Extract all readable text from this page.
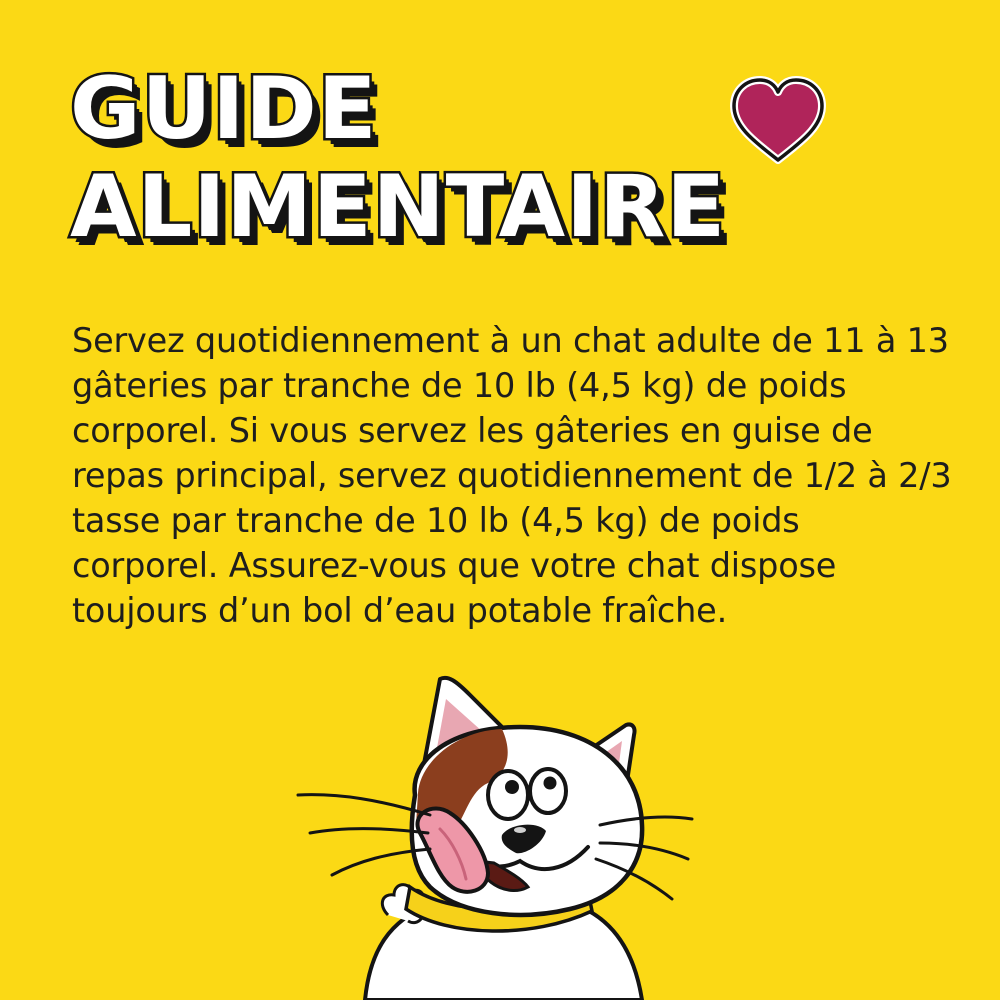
GUIDE
ALIMENTAIRE

Servez quotidiennement à un chat adulte de 11 à 13 gâteries par tranche de 10 lb (4,5 kg) de poids corporel. Si vous servez les gâteries en guise de repas principal, servez quotidiennement de 1/2 à 2/3 tasse par tranche de 10 lb (4,5 kg) de poids corporel. Assurez-vous que votre chat dispose toujours d’un bol d’eau potable fraîche.
